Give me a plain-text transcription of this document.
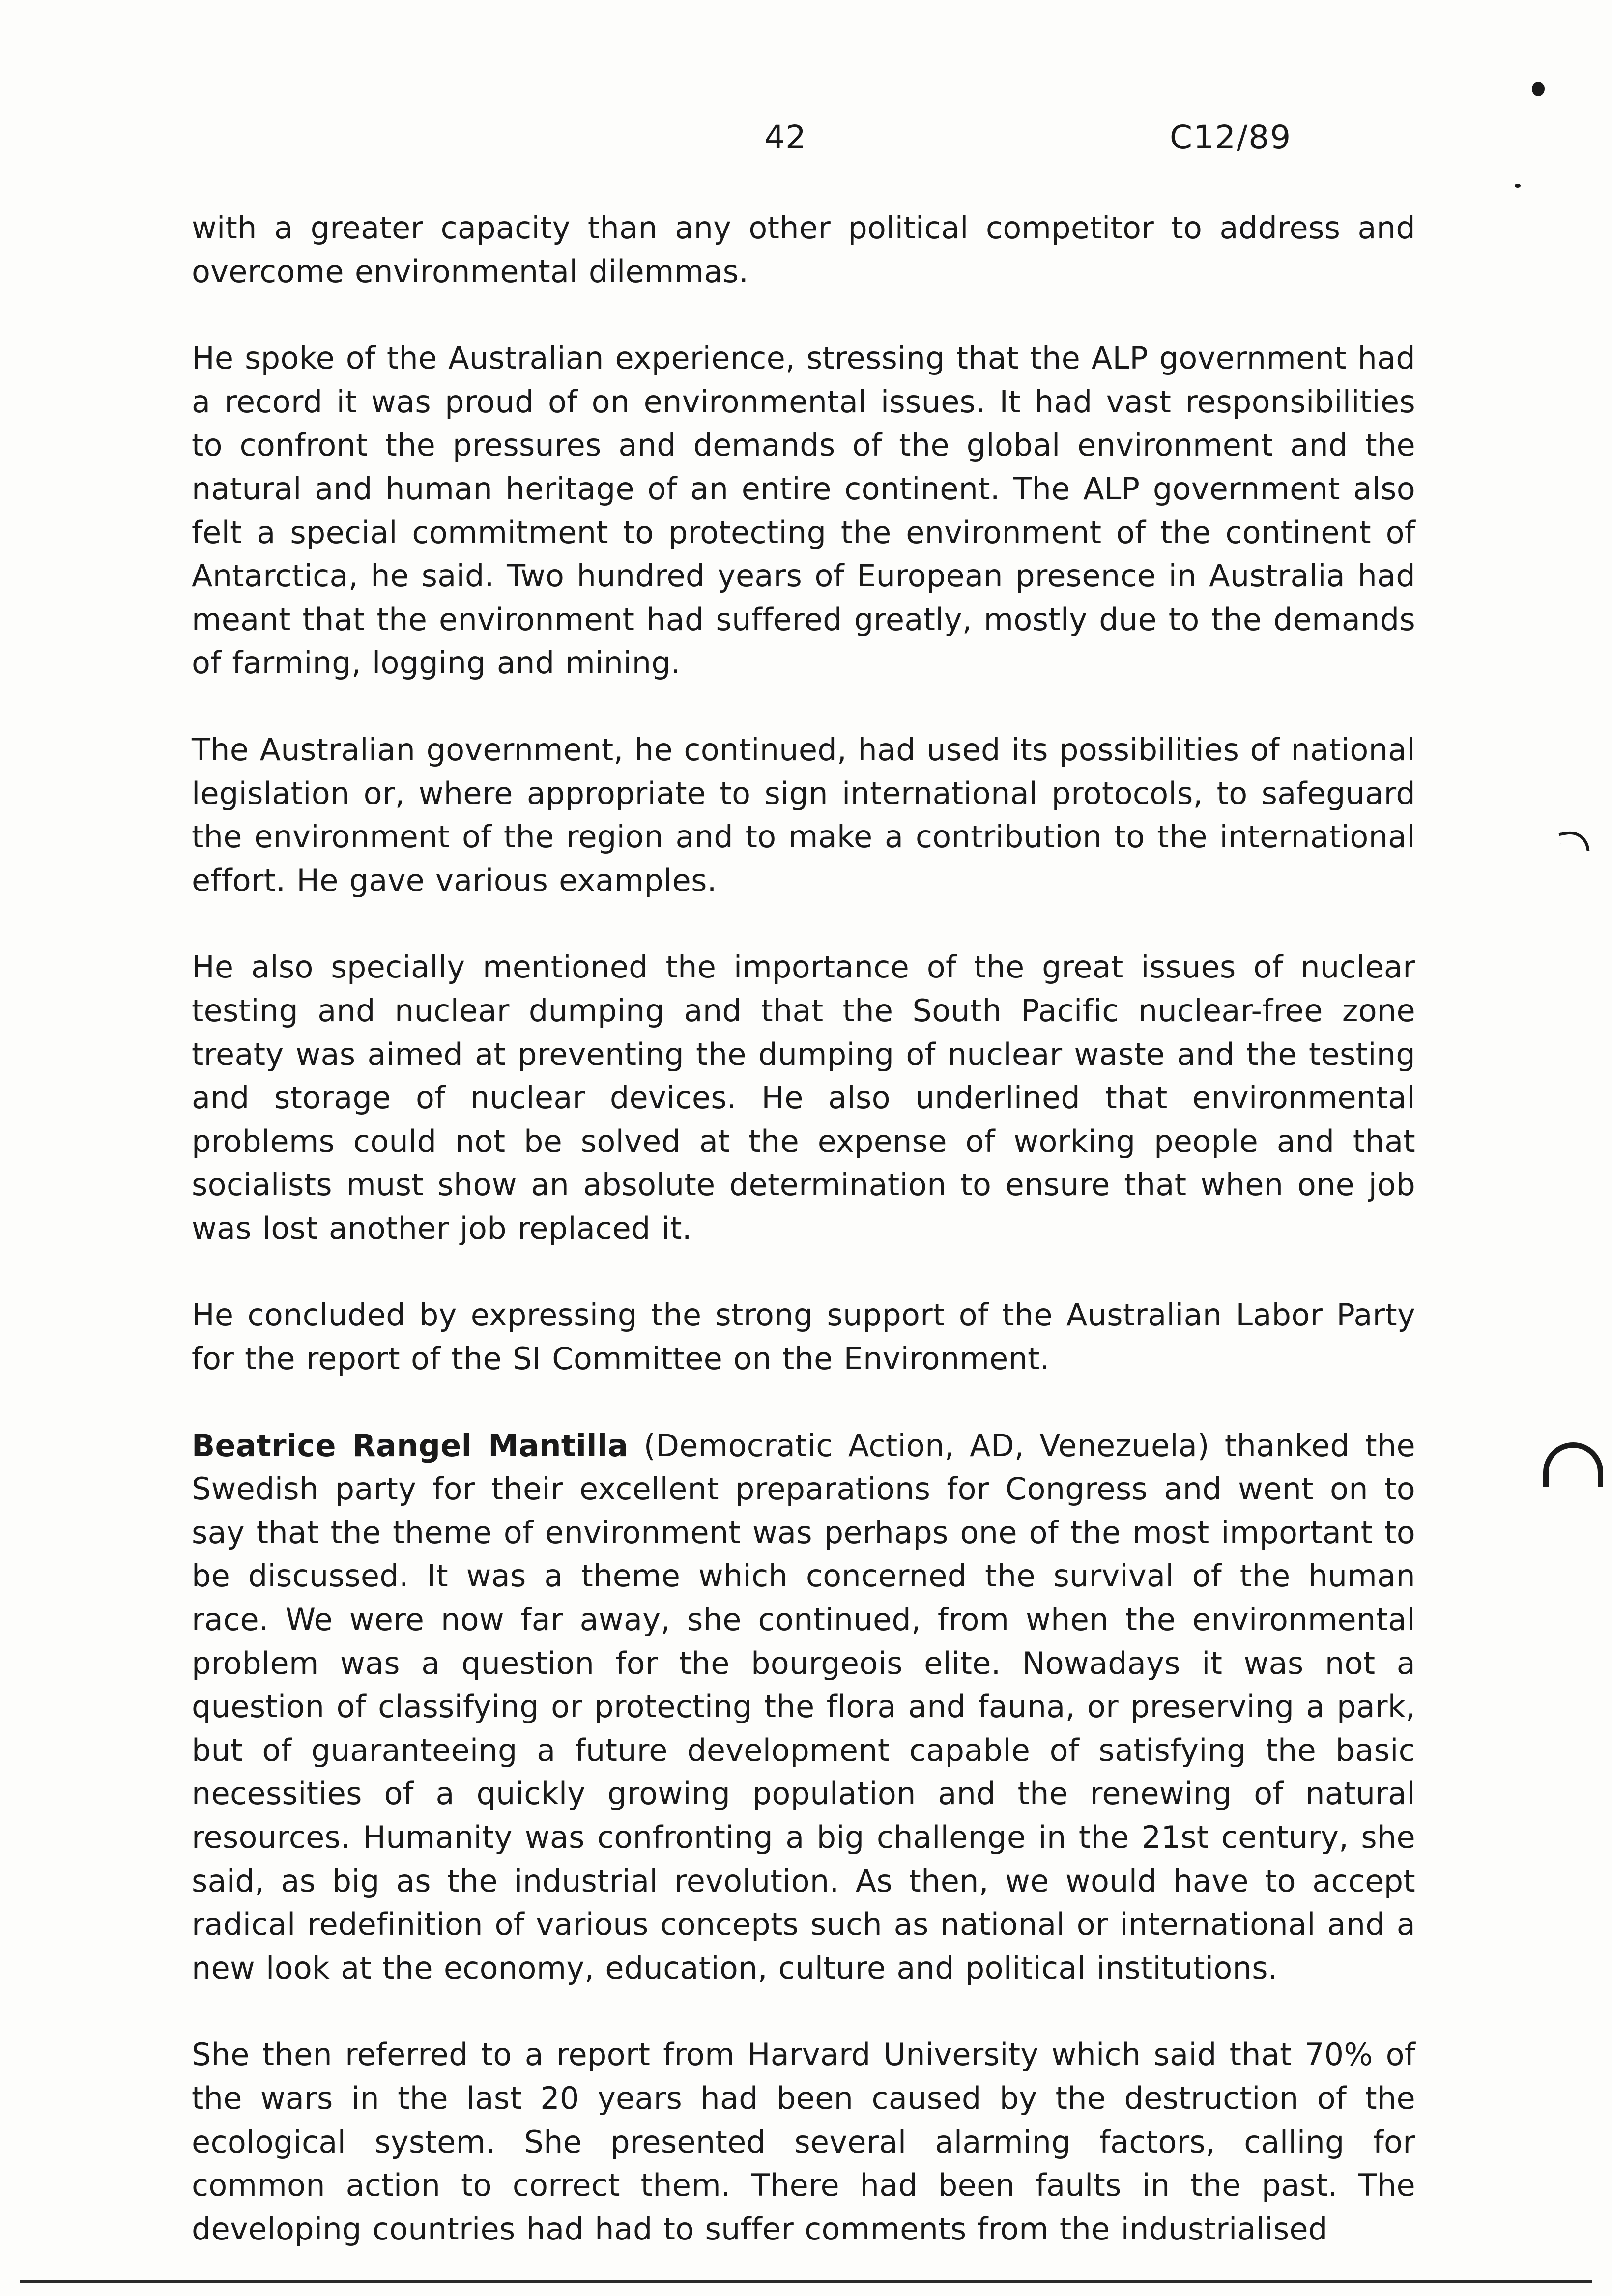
42	C12/89

with a greater capacity than any other political competitor to address and overcome environmental dilemmas.

He spoke of the Australian experience, stressing that the ALP government had a record it was proud of on environmental issues. It had vast responsibilities to confront the pressures and demands of the global environment and the natural and human heritage of an entire continent. The ALP government also felt a special commitment to protecting the environment of the continent of Antarctica, he said. Two hundred years of European presence in Australia had meant that the environment had suffered greatly, mostly due to the demands of farming, logging and mining.

The Australian government, he continued, had used its possibilities of national legislation or, where appropriate to sign international protocols, to safeguard the environment of the region and to make a contribution to the international effort. He gave various examples.

He also specially mentioned the importance of the great issues of nuclear testing and nuclear dumping and that the South Pacific nuclear-free zone treaty was aimed at preventing the dumping of nuclear waste and the testing and storage of nuclear devices. He also underlined that environmental problems could not be solved at the expense of working people and that socialists must show an absolute determination to ensure that when one job was lost another job replaced it.

He concluded by expressing the strong support of the Australian Labor Party for the report of the SI Committee on the Environment.

Beatrice Rangel Mantilla (Democratic Action, AD, Venezuela) thanked the Swedish party for their excellent preparations for Congress and went on to say that the theme of environment was perhaps one of the most important to be discussed. It was a theme which concerned the survival of the human race. We were now far away, she continued, from when the environmental problem was a question for the bourgeois elite. Nowadays it was not a question of classifying or protecting the flora and fauna, or preserving a park, but of guaranteeing a future development capable of satisfying the basic necessities of a quickly growing population and the renewing of natural resources. Humanity was confronting a big challenge in the 21st century, she said, as big as the industrial revolution. As then, we would have to accept radical redefinition of various concepts such as national or international and a new look at the economy, education, culture and political institutions.

She then referred to a report from Harvard University which said that 70% of the wars in the last 20 years had been caused by the destruction of the ecological system. She presented several alarming factors, calling for common action to correct them. There had been faults in the past. The developing countries had had to suffer comments from the industrialised
